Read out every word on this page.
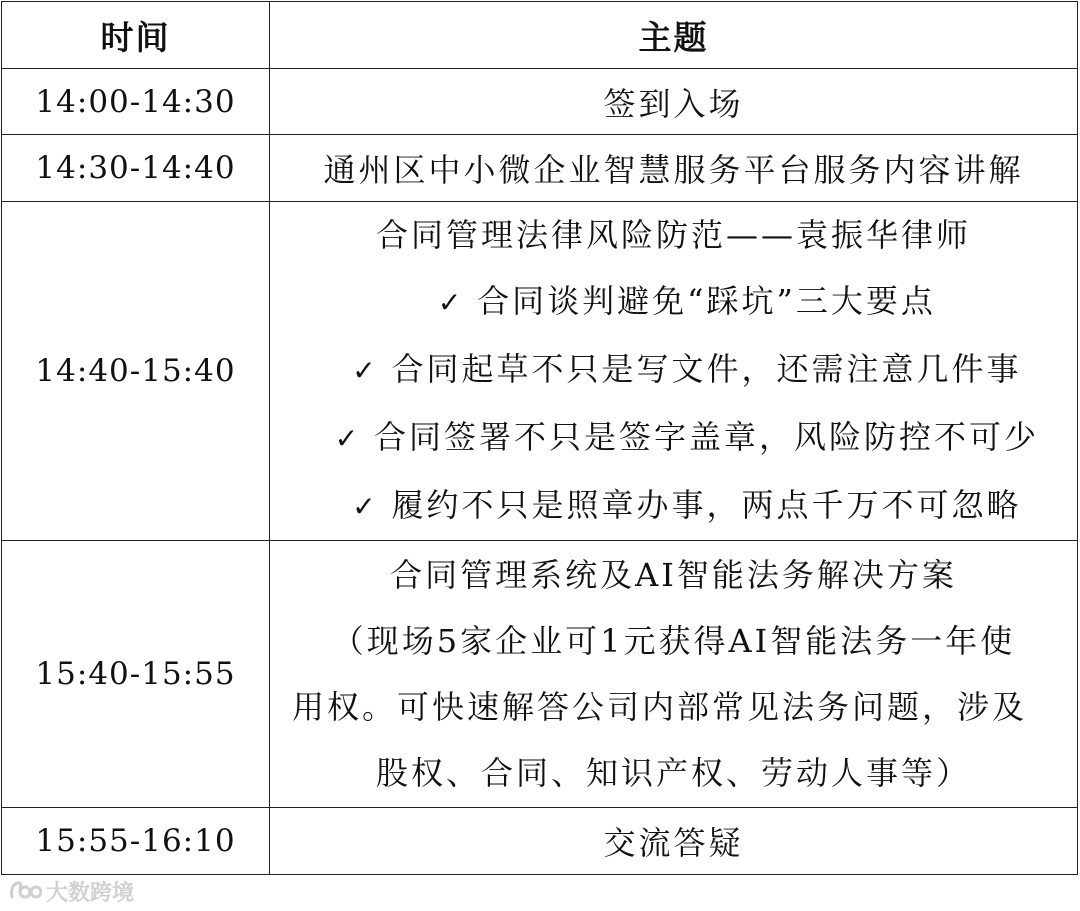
时间	主题
14:00-14:30	签到入场
14:30-14:40	通州区中小微企业智慧服务平台服务内容讲解
14:40-15:40	合同管理法律风险防范——袁振华律师
✓ 合同谈判避免“踩坑”三大要点
✓ 合同起草不只是写文件，还需注意几件事
✓ 合同签署不只是签字盖章，风险防控不可少
✓ 履约不只是照章办事，两点千万不可忽略

15:40-15:55	合同管理系统及AI智能法务解决方案
（现场5家企业可1元获得AI智能法务一年使
用权。可快速解答公司内部常见法务问题，涉及
股权、合同、知识产权、劳动人事等）

15:55-16:10	交流答疑
大数跨境
